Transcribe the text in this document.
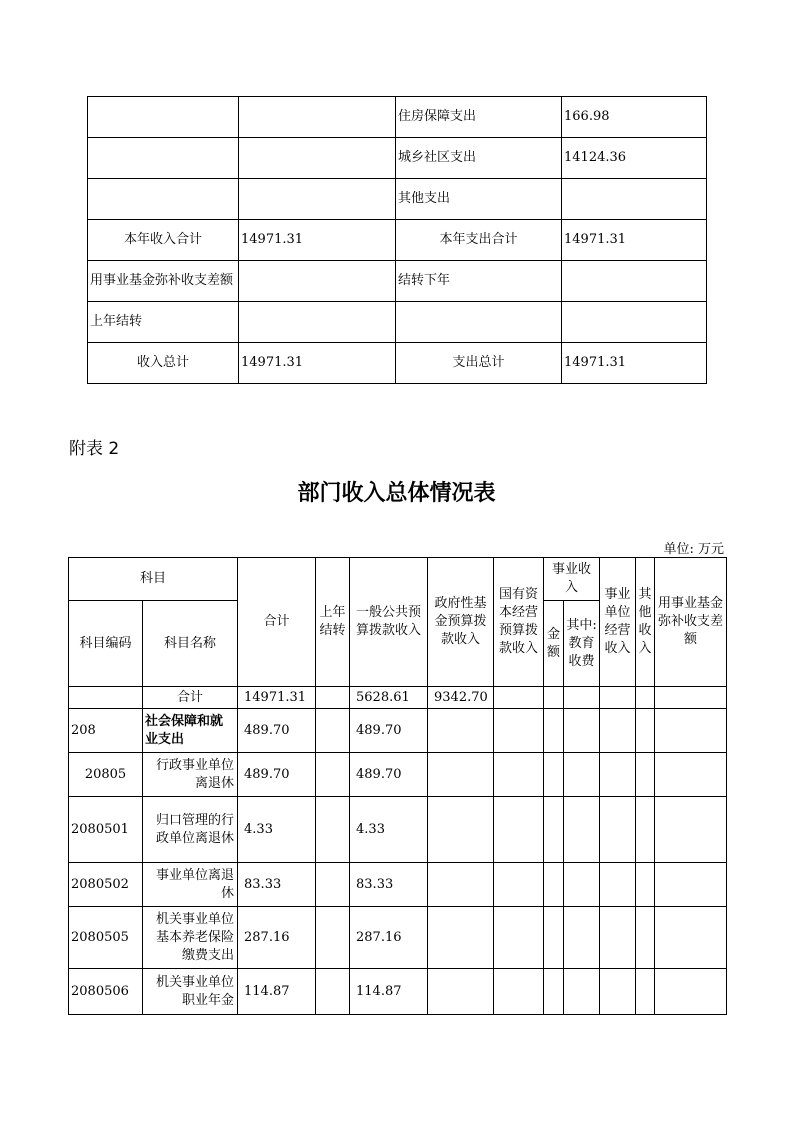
		住房保障支出	166.98
		城乡社区支出	14124.36
		其他支出	
本年收入合计	14971.31	本年支出合计	14971.31
用事业基金弥补收支差额		结转下年	
上年结转			
收入总计	14971.31	支出总计	14971.31
附表 2
部门收入总体情况表
单位: 万元
科目		合计	上年结转	一般公共预算拨款收入	政府性基金预算拨款收入	国有资本经营预算拨款收入	事业收入		事业单位经营收入	其他收入	用事业基金弥补收支差额
科目编码	科目名称						金额	其中:教育收费			
	合计	14971.31		5628.61	9342.70						
208	社会保障和就业支出	489.70		489.70							
20805	行政事业单位离退休	489.70		489.70							
2080501	归口管理的行政单位离退休	4.33		4.33							
2080502	事业单位离退休	83.33		83.33							
2080505	机关事业单位基本养老保险缴费支出	287.16		287.16							
2080506	机关事业单位职业年金	114.87		114.87							
